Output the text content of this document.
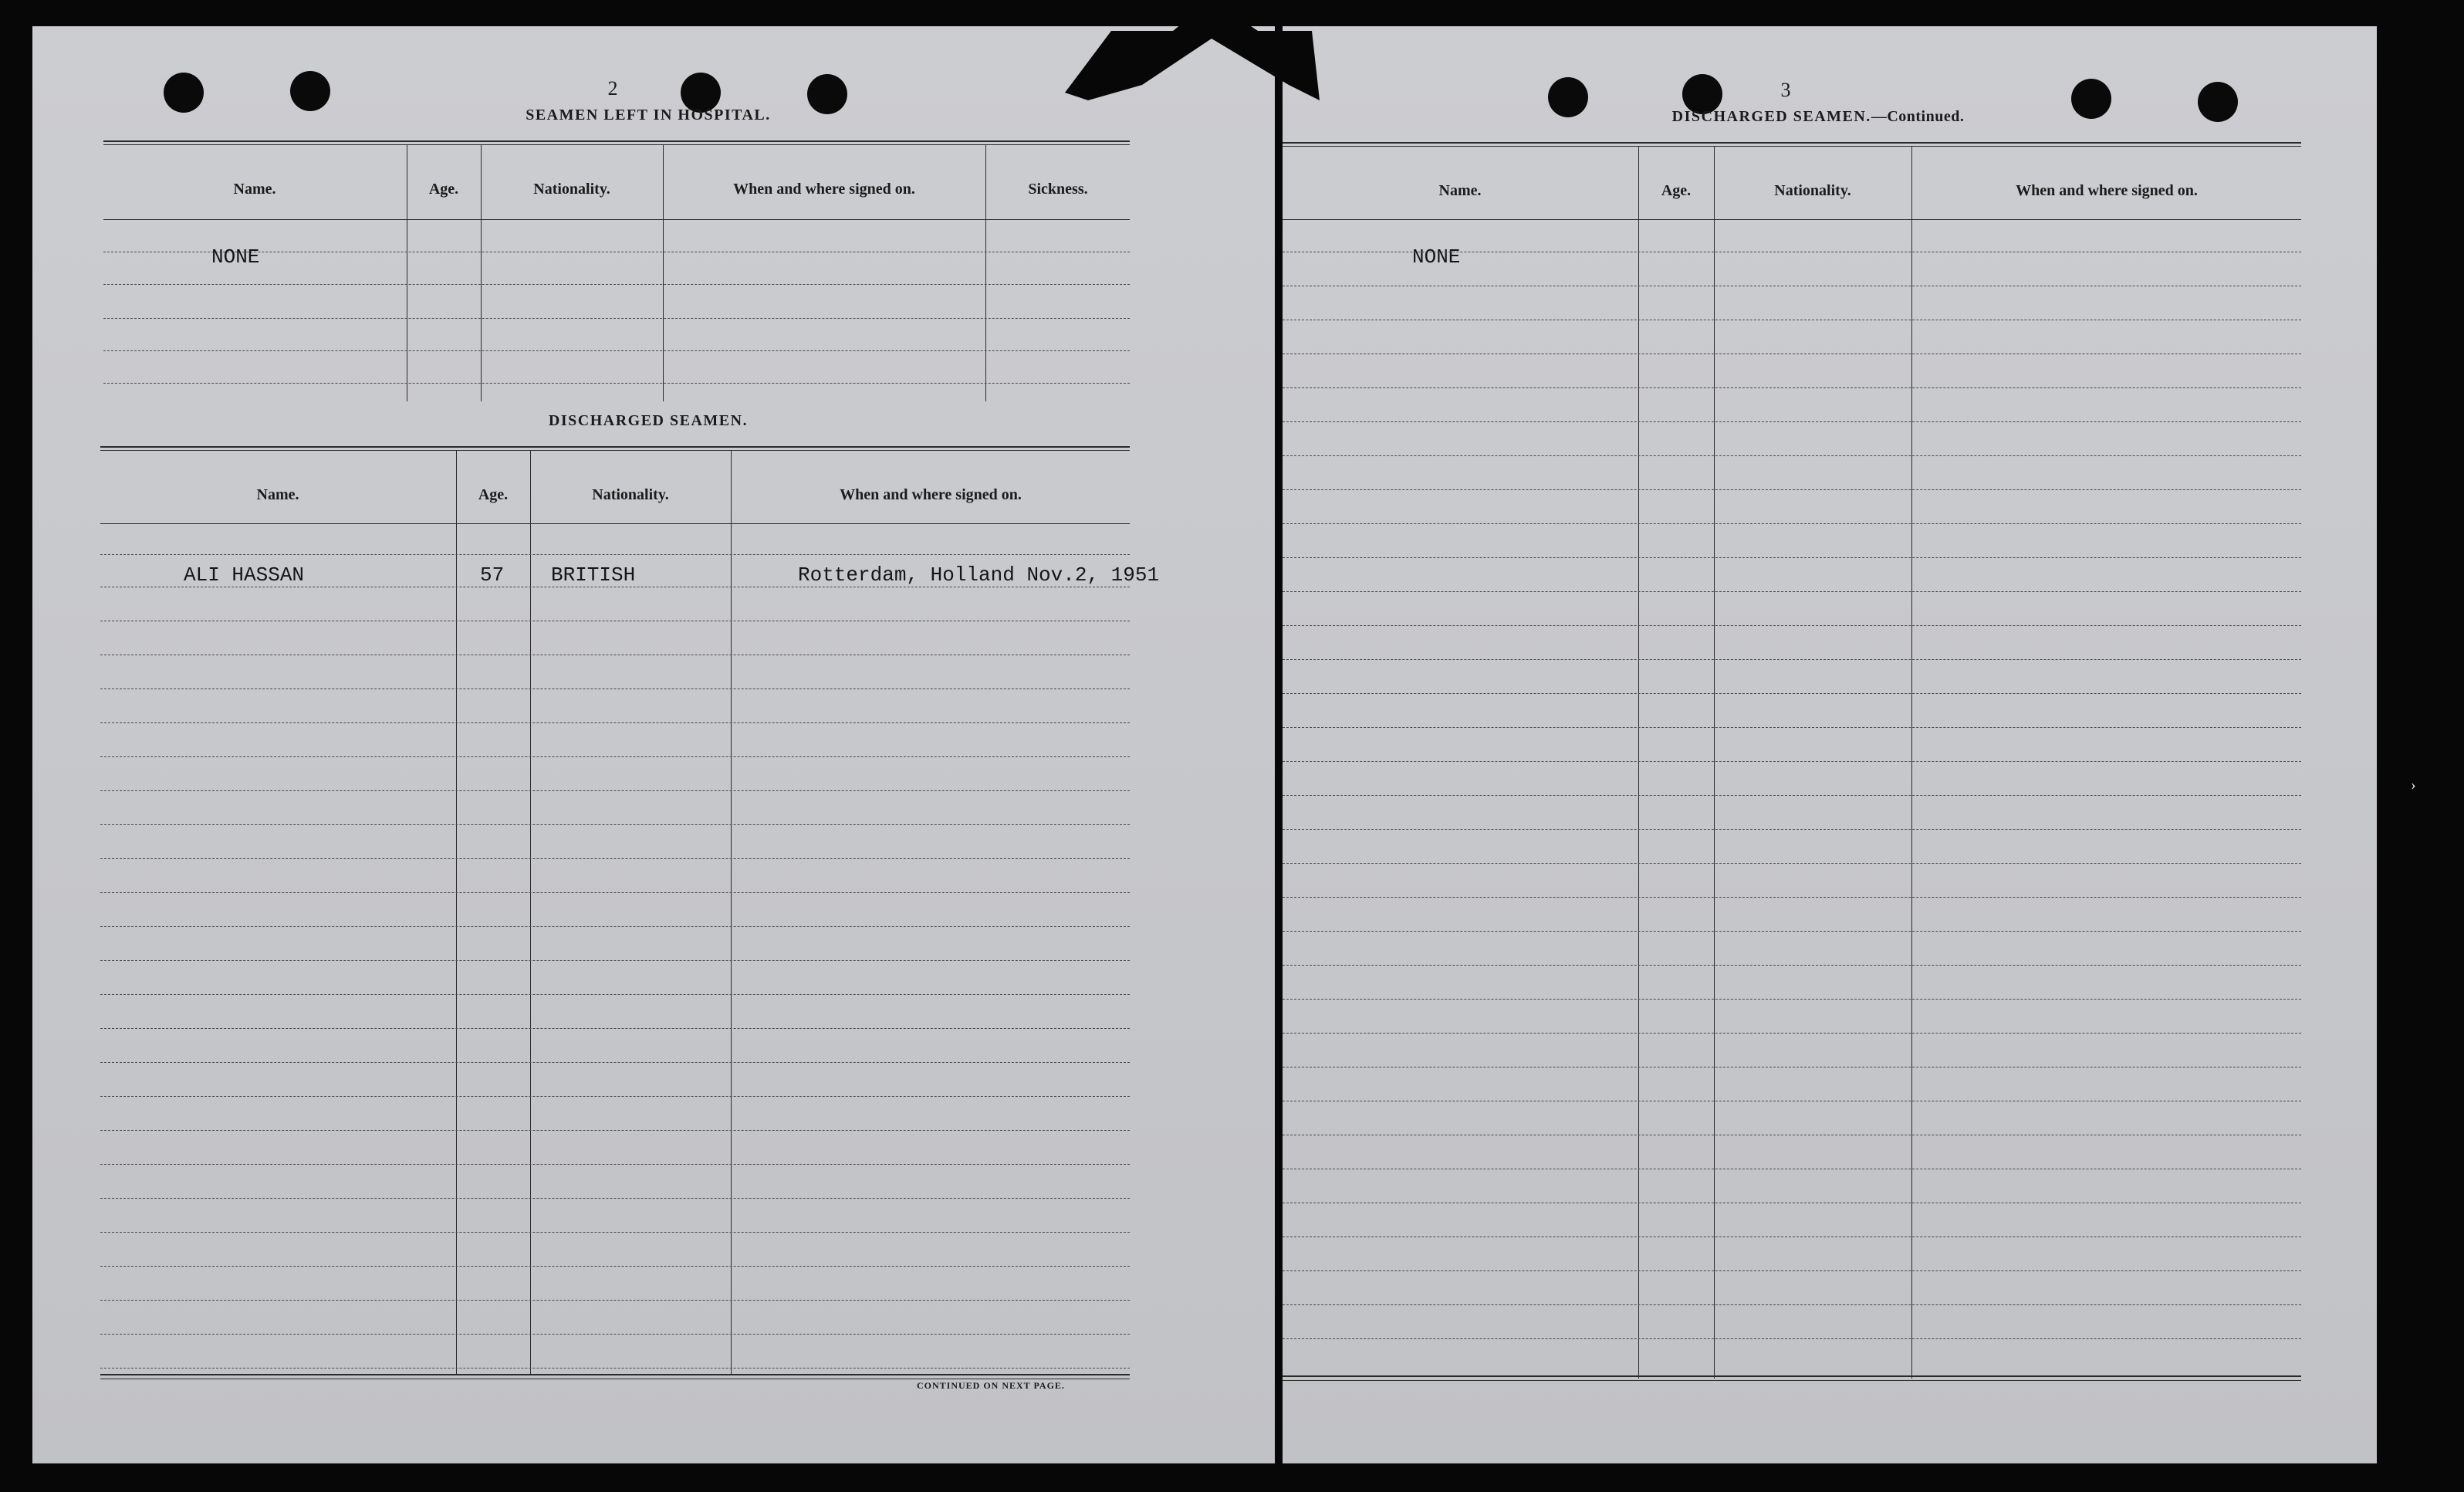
2
SEAMEN LEFT IN HOSPITAL.
Name.	Age.	Nationality.	When and where signed on.	Sickness.
NONE
DISCHARGED SEAMEN.
Name.	Age.	Nationality.	When and where signed on.
ALI HASSAN	57 BRITISH	Rotterdam, Holland Nov.2, 1951
CONTINUED ON NEXT PAGE.
3
DISCHARGED SEAMEN.—Continued.
Name.	Age.	Nationality.	When and where signed on.
NONE
›
